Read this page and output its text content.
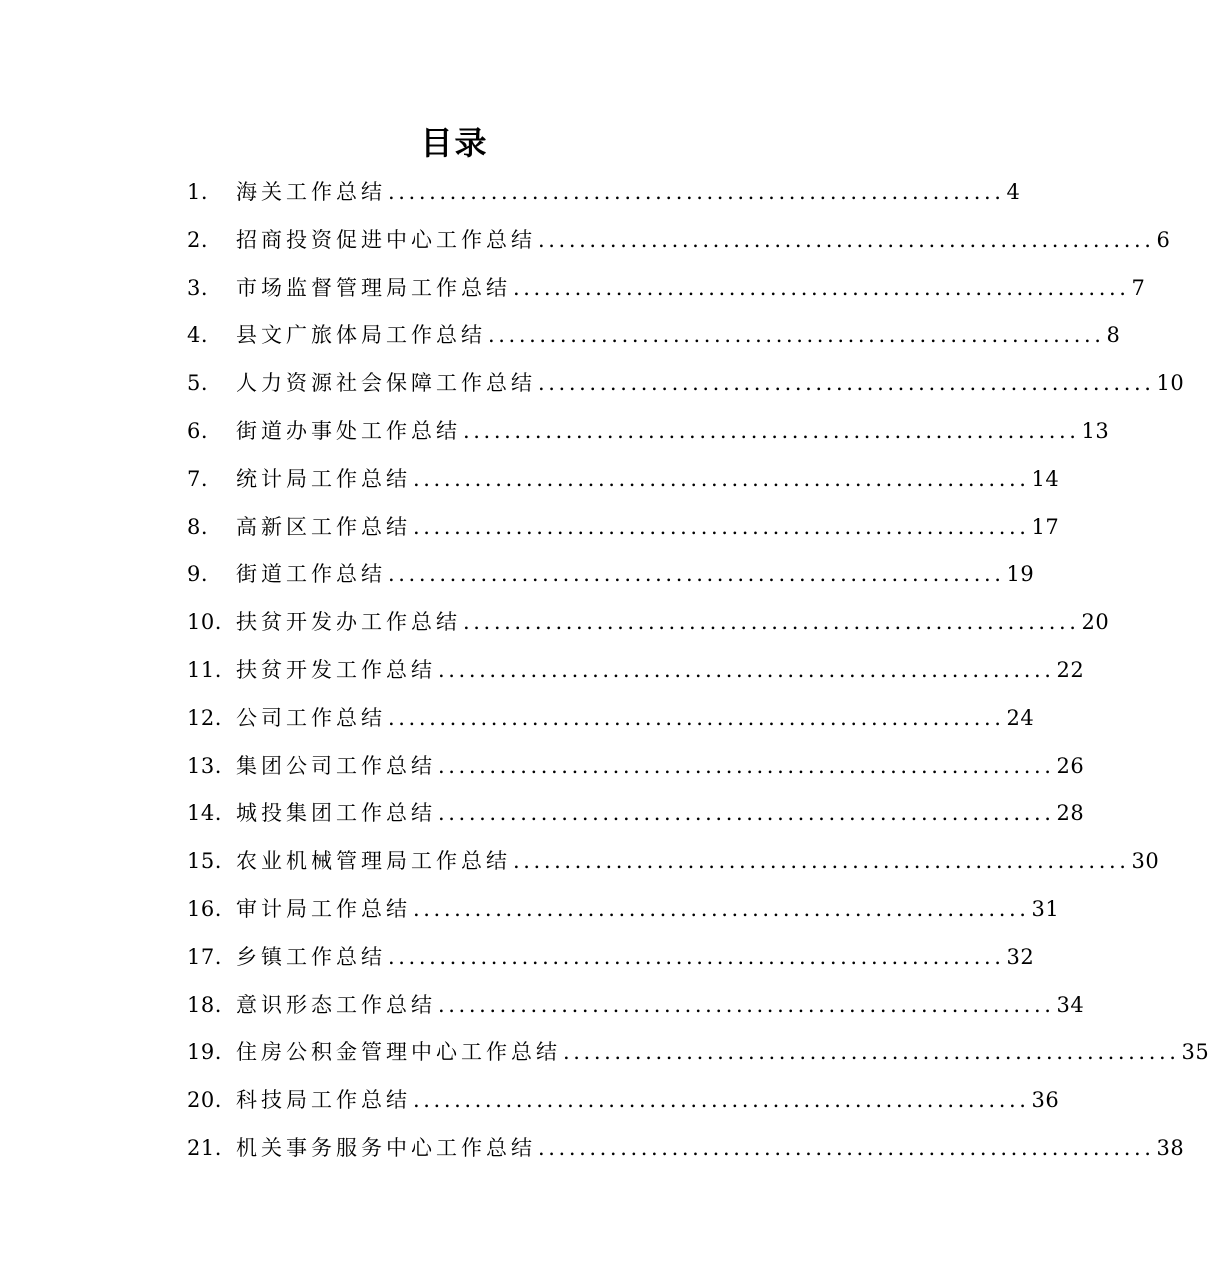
目录
1.	海关工作总结 ............................................................ 4
2.	招商投资促进中心工作总结 ............................................................ 6
3.	市场监督管理局工作总结 ............................................................ 7
4.	县文广旅体局工作总结 ............................................................ 8
5.	人力资源社会保障工作总结 ............................................................ 10
6.	街道办事处工作总结 ............................................................ 13
7.	统计局工作总结 ............................................................ 14
8.	高新区工作总结 ............................................................ 17
9.	街道工作总结 ............................................................ 19
10. 扶贫开发办工作总结 ............................................................ 20
11. 扶贫开发工作总结 ............................................................ 22
12. 公司工作总结 ............................................................ 24
13. 集团公司工作总结 ............................................................ 26
14. 城投集团工作总结 ............................................................ 28
15. 农业机械管理局工作总结 ............................................................ 30
16. 审计局工作总结 ............................................................ 31
17. 乡镇工作总结 ............................................................ 32
18. 意识形态工作总结 ............................................................ 34
19. 住房公积金管理中心工作总结 ............................................................ 35
20. 科技局工作总结 ............................................................ 36
21. 机关事务服务中心工作总结 ............................................................ 38
